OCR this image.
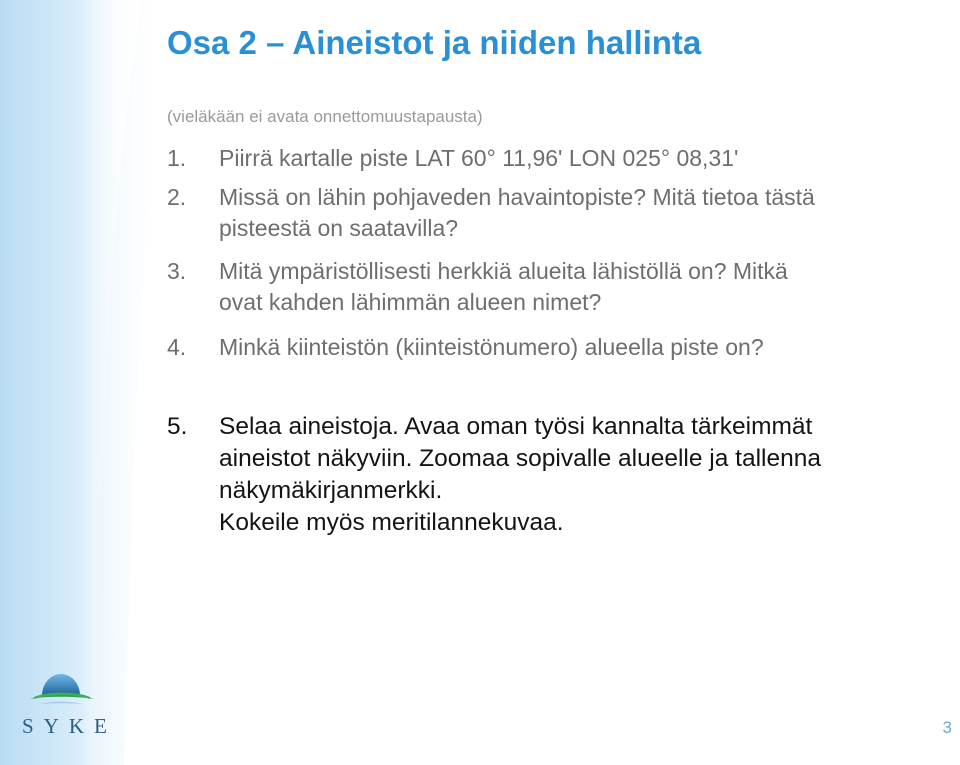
Osa 2 – Aineistot ja niiden hallinta
(vieläkään ei avata onnettomuustapausta)
1. Piirrä kartalle piste LAT 60° 11,96' LON 025° 08,31'
2. Missä on lähin pohjaveden havaintopiste? Mitä tietoa tästä
pisteestä on saatavilla?
3. Mitä ympäristöllisesti herkkiä alueita lähistöllä on? Mitkä
ovat kahden lähimmän alueen nimet?
4. Minkä kiinteistön (kiinteistönumero) alueella piste on?
5. Selaa aineistoja. Avaa oman työsi kannalta tärkeimmät
aineistot näkyviin. Zoomaa sopivalle alueelle ja tallenna
näkymäkirjanmerkki.
Kokeile myös meritilannekuvaa.
SYKE	3
